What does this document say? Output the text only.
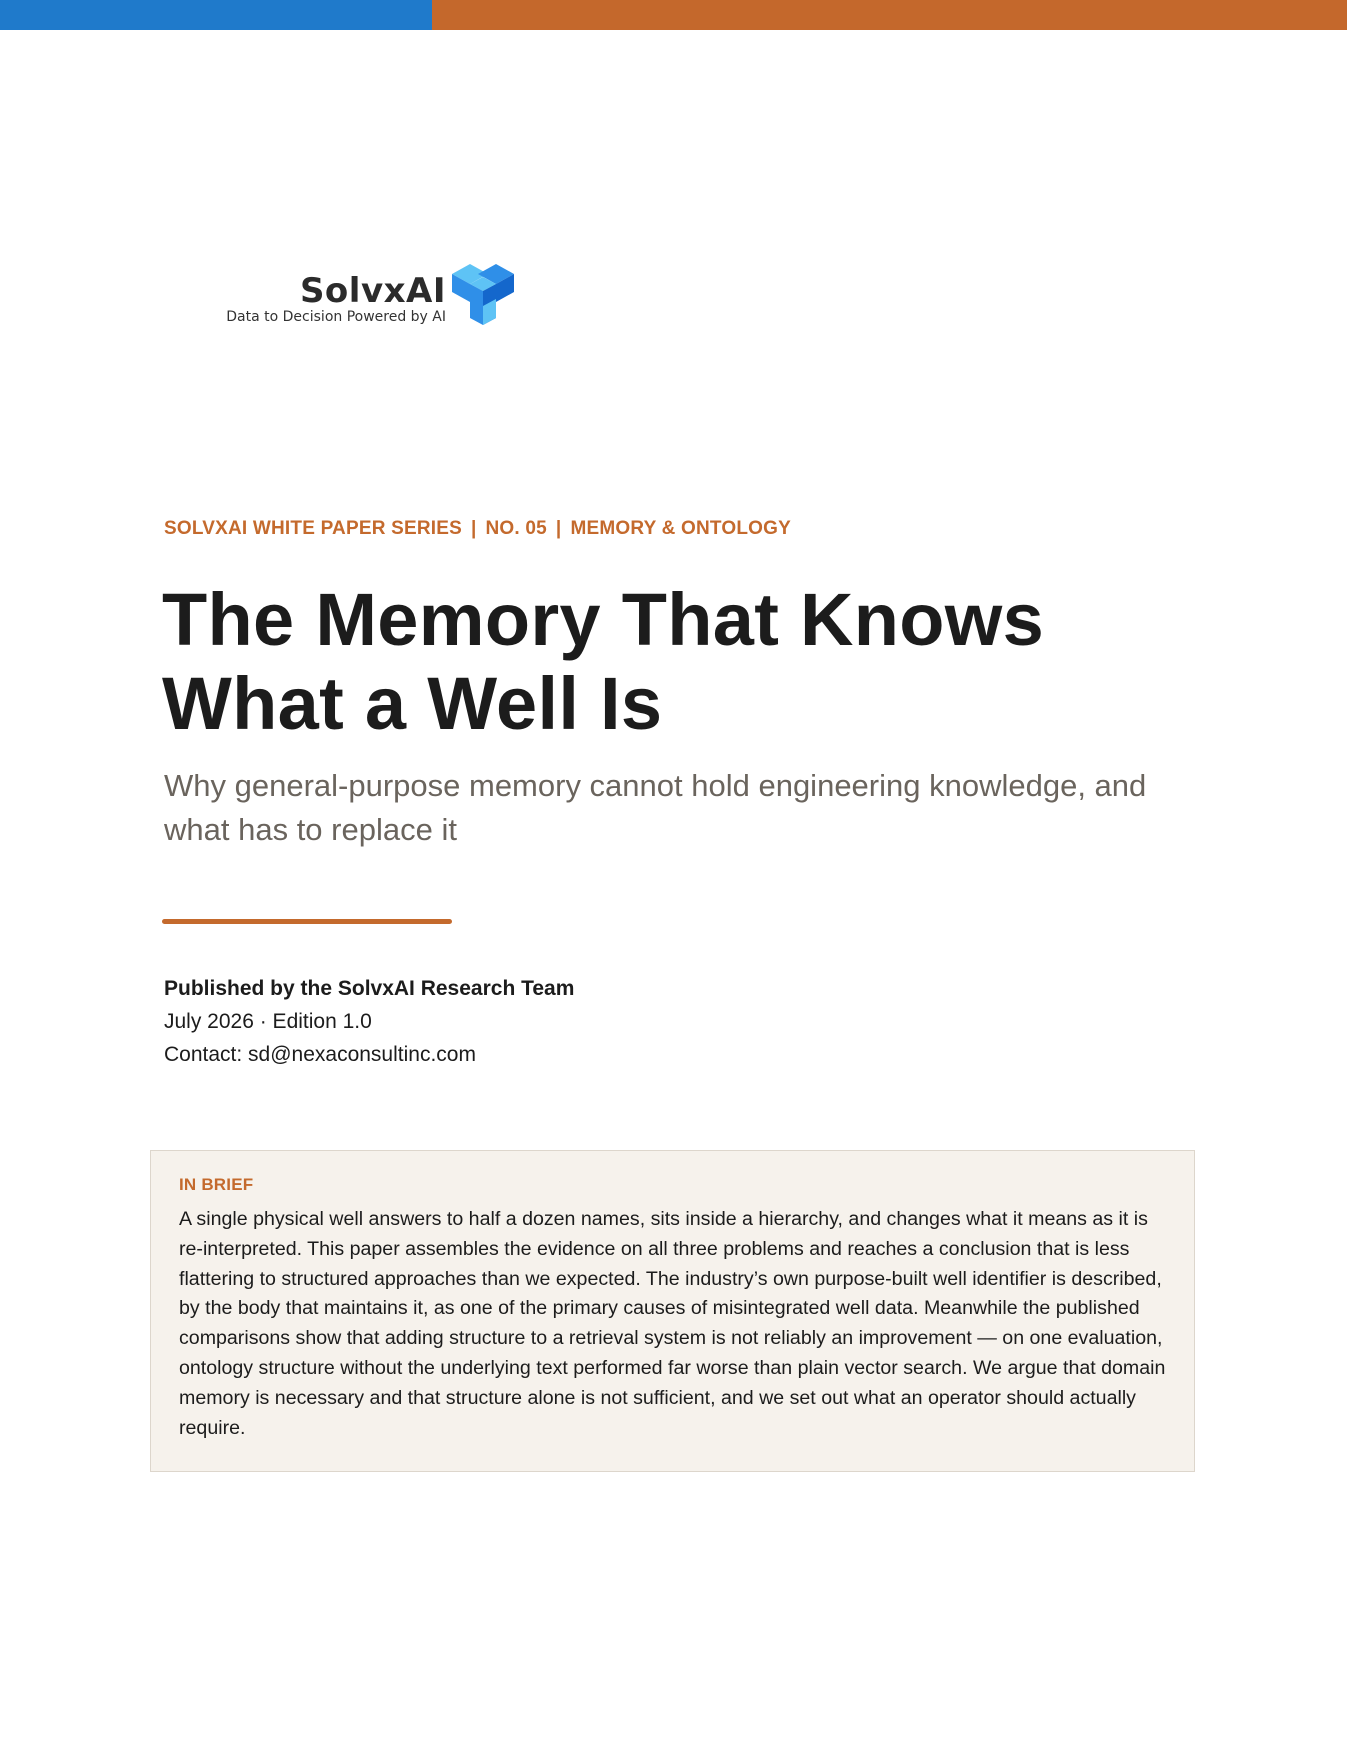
SolvxAI
Data to Decision Powered by AI
SOLVXAI WHITE PAPER SERIES | NO. 05 | MEMORY & ONTOLOGY
The Memory That Knows
What a Well Is

Why general-purpose memory cannot hold engineering knowledge, and what has to replace it

Published by the SolvxAI Research Team
July 2026 · Edition 1.0
Contact: sd@nexaconsultinc.com
IN BRIEF

A single physical well answers to half a dozen names, sits inside a hierarchy, and changes what it means as it is re-interpreted. This paper assembles the evidence on all three problems and reaches a conclusion that is less flattering to structured approaches than we expected. The industry’s own purpose-built well identifier is described, by the body that maintains it, as one of the primary causes of misintegrated well data. Meanwhile the published comparisons show that adding structure to a retrieval system is not reliably an improvement — on one evaluation, ontology structure without the underlying text performed far worse than plain vector search. We argue that domain memory is necessary and that structure alone is not sufficient, and we set out what an operator should actually require.
